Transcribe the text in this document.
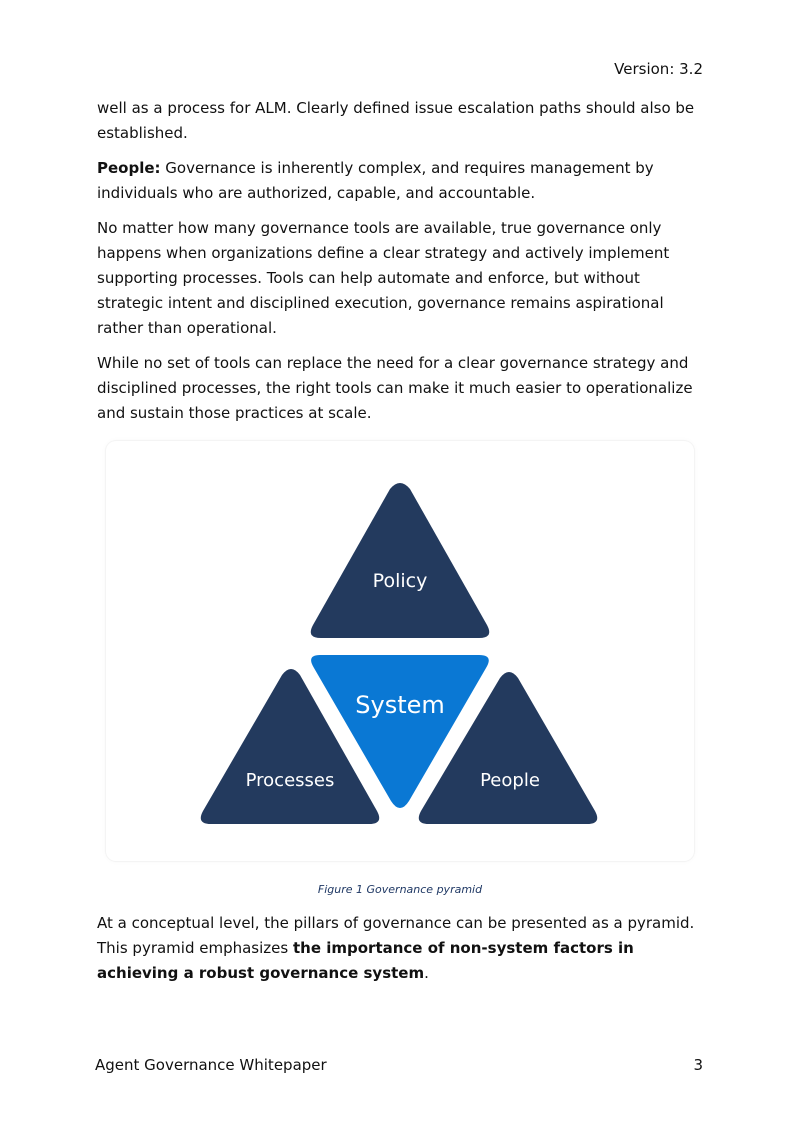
Version: 3.2

well as a process for ALM. Clearly defined issue escalation paths should also be established.

People: Governance is inherently complex, and requires management by individuals who are authorized, capable, and accountable.

No matter how many governance tools are available, true governance only happens when organizations define a clear strategy and actively implement supporting processes. Tools can help automate and enforce, but without strategic intent and disciplined execution, governance remains aspirational rather than operational.

While no set of tools can replace the need for a clear governance strategy and disciplined processes, the right tools can make it much easier to operationalize and sustain those practices at scale.

Policy
System
Processes	People
Figure 1 Governance pyramid

At a conceptual level, the pillars of governance can be presented as a pyramid. This pyramid emphasizes the importance of non-system factors in achieving a robust governance system.

Agent Governance Whitepaper	3
